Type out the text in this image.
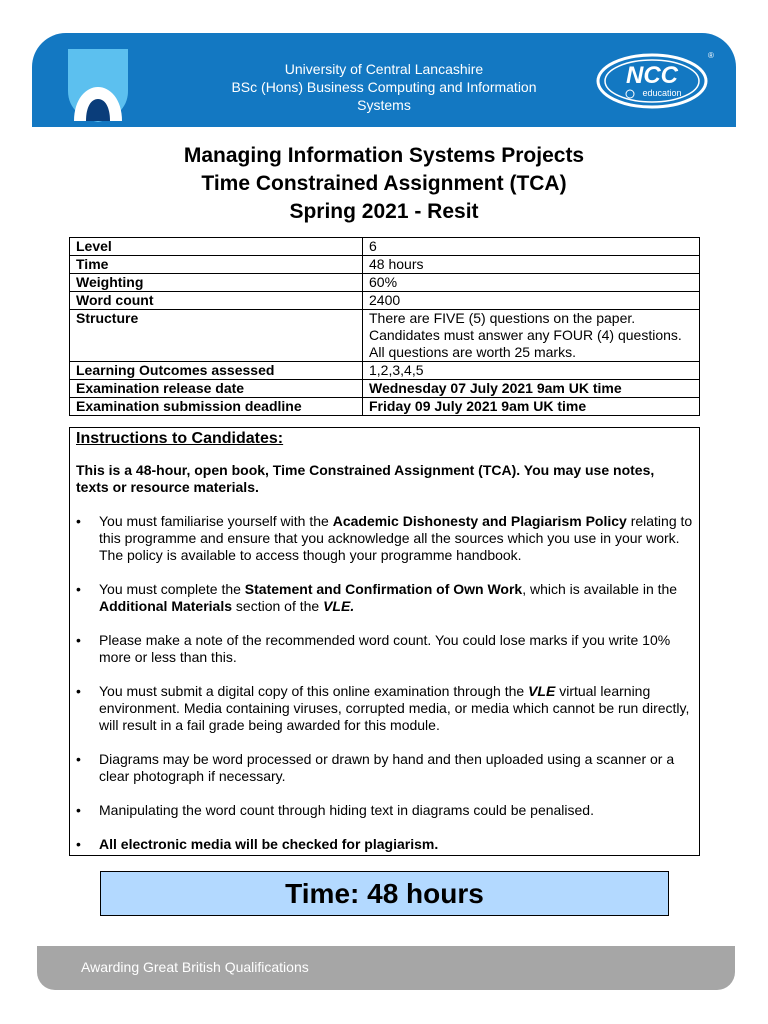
University of Central Lancashire
BSc (Hons) Business Computing and Information
Systems
NCC
education
®
Managing Information Systems Projects
Time Constrained Assignment (TCA)
Spring 2021 - Resit
Level	6
Time	48 hours
Weighting	60%
Word count	2400
Structure	There are FIVE (5) questions on the paper. Candidates must answer any FOUR (4) questions. All questions are worth 25 marks.
Learning Outcomes assessed	1,2,3,4,5
Examination release date	Wednesday 07 July 2021 9am UK time
Examination submission deadline	Friday 09 July 2021 9am UK time
Instructions to Candidates:
This is a 48-hour, open book, Time Constrained Assignment (TCA). You may use notes, texts or resource materials.
• You must familiarise yourself with the Academic Dishonesty and Plagiarism Policy relating to this programme and ensure that you acknowledge all the sources which you use in your work. The policy is available to access though your programme handbook.
• You must complete the Statement and Confirmation of Own Work, which is available in the Additional Materials section of the VLE.
• Please make a note of the recommended word count. You could lose marks if you write 10% more or less than this.
• You must submit a digital copy of this online examination through the VLE virtual learning environment. Media containing viruses, corrupted media, or media which cannot be run directly, will result in a fail grade being awarded for this module.
• Diagrams may be word processed or drawn by hand and then uploaded using a scanner or a clear photograph if necessary.
• Manipulating the word count through hiding text in diagrams could be penalised.
• All electronic media will be checked for plagiarism.
Time: 48 hours
Awarding Great British Qualifications
